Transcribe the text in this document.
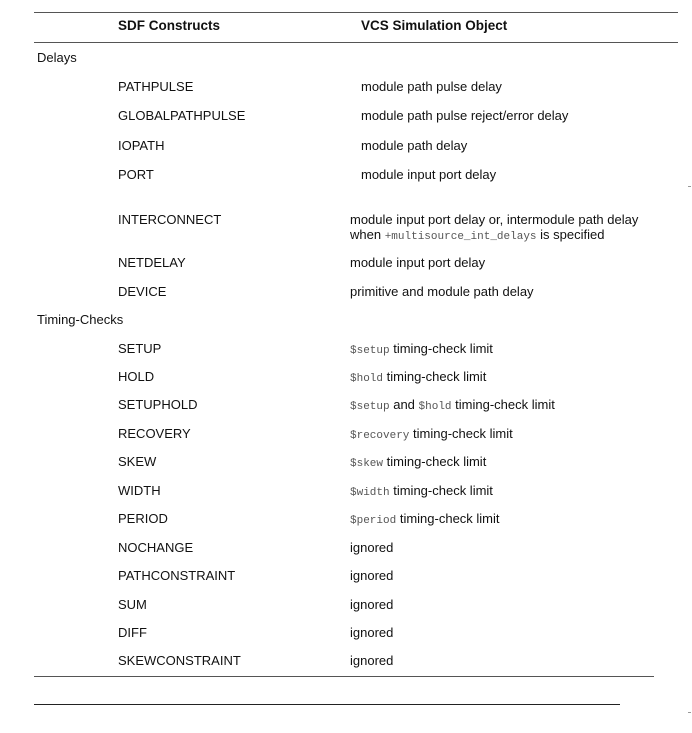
SDF Constructs	VCS Simulation Object
Delays
PATHPULSE	module path pulse delay
GLOBALPATHPULSE	module path pulse reject/error delay
IOPATH	module path delay
PORT	module input port delay
INTERCONNECT	module input port delay or, intermodule path delay
when +multisource_int_delays is specified
NETDELAY	module input port delay
DEVICE	primitive and module path delay
Timing-Checks
SETUP	$setup timing-check limit
HOLD	$hold timing-check limit
SETUPHOLD	$setup and $hold timing-check limit
RECOVERY	$recovery timing-check limit
SKEW	$skew timing-check limit
WIDTH	$width timing-check limit
PERIOD	$period timing-check limit
NOCHANGE	ignored
PATHCONSTRAINT	ignored
SUM	ignored
DIFF	ignored
SKEWCONSTRAINT	ignored
